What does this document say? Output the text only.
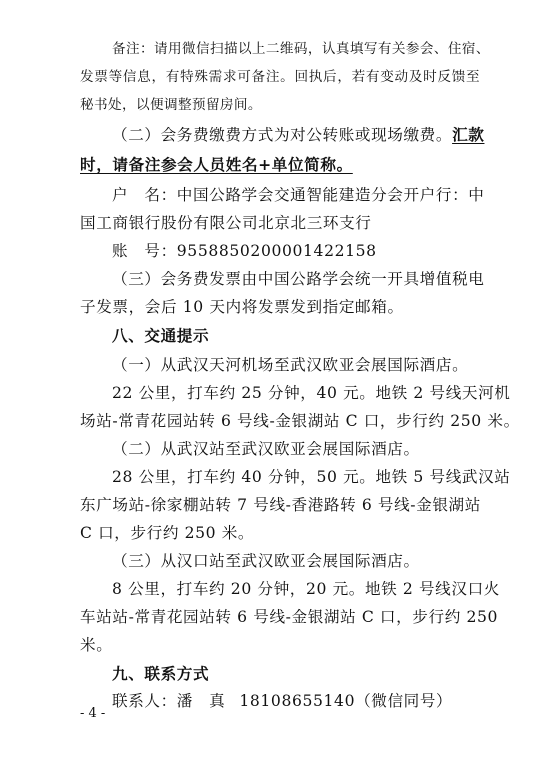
备注：请用微信扫描以上二维码，认真填写有关参会、住宿、
发票等信息，有特殊需求可备注。回执后，若有变动及时反馈至
秘书处，以便调整预留房间。
（二）会务费缴费方式为对公转账或现场缴费。汇款
时，请备注参会人员姓名+单位简称。
户　名：中国公路学会交通智能建造分会开户行：中
国工商银行股份有限公司北京北三环支行
账　号：9558850200001422158
（三）会务费发票由中国公路学会统一开具增值税电
子发票，会后 10 天内将发票发到指定邮箱。
八、交通提示
（一）从武汉天河机场至武汉欧亚会展国际酒店。
22 公里，打车约 25 分钟，40 元。地铁 2 号线天河机
场站-常青花园站转 6 号线-金银湖站 C 口，步行约 250 米。
（二）从武汉站至武汉欧亚会展国际酒店。
28 公里，打车约 40 分钟，50 元。地铁 5 号线武汉站
东广场站-徐家棚站转 7 号线-香港路转 6 号线-金银湖站
C 口，步行约 250 米。
（三）从汉口站至武汉欧亚会展国际酒店。
8 公里，打车约 20 分钟，20 元。地铁 2 号线汉口火
车站站-常青花园站转 6 号线-金银湖站 C 口，步行约 250
米。
九、联系方式
联系人：潘　真 18108655140（微信同号）
- 4 -
